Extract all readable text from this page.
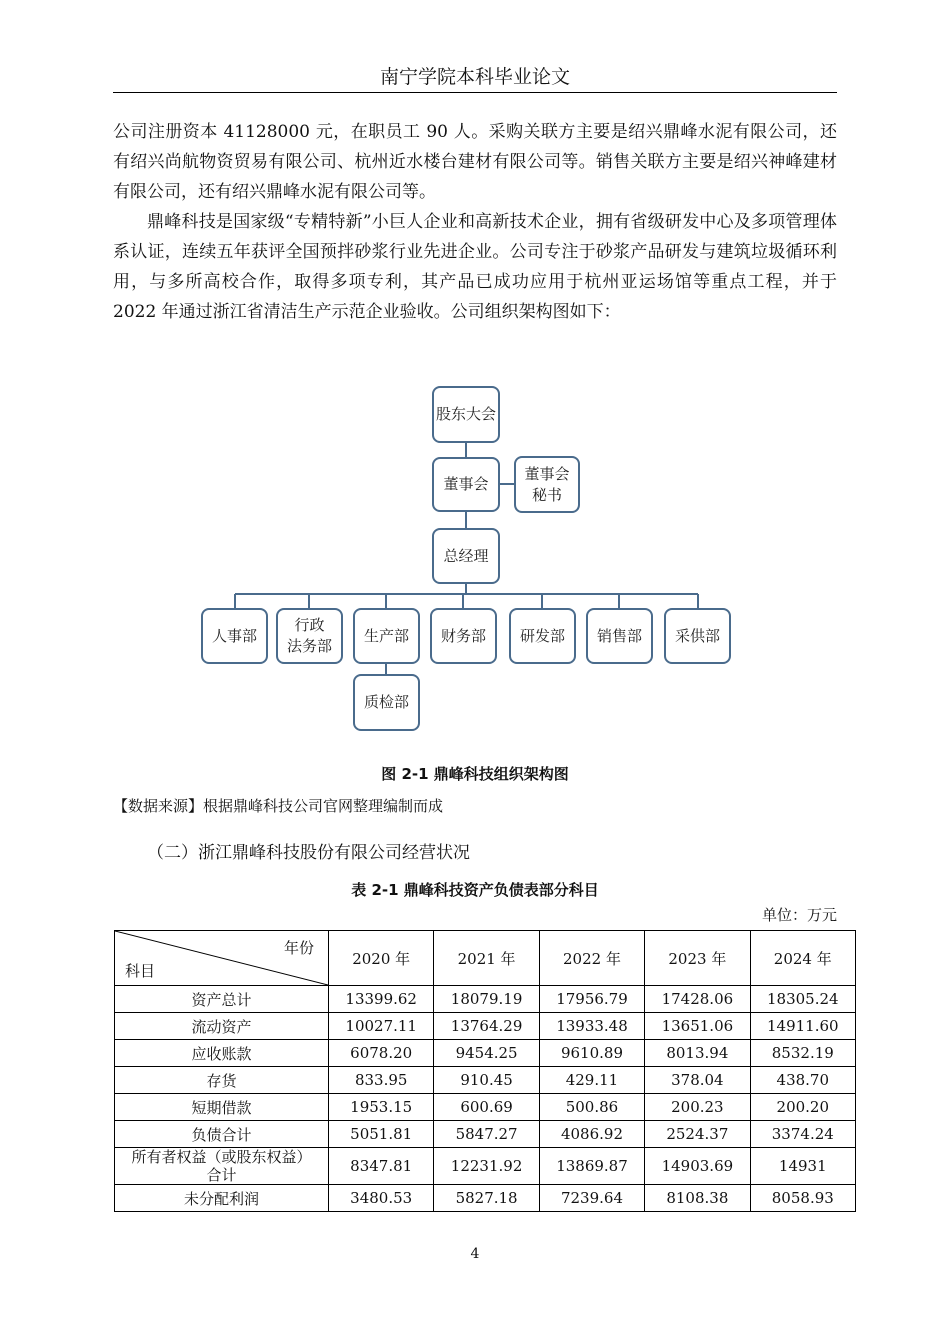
南宁学院本科毕业论文

公司注册资本 41128000 元，在职员工 90 人。采购关联方主要是绍兴鼎峰水泥有限公司，还有绍兴尚航物资贸易有限公司、杭州近水楼台建材有限公司等。销售关联方主要是绍兴神峰建材有限公司，还有绍兴鼎峰水泥有限公司等。

鼎峰科技是国家级“专精特新”小巨人企业和高新技术企业，拥有省级研发中心及多项管理体系认证，连续五年获评全国预拌砂浆行业先进企业。公司专注于砂浆产品研发与建筑垃圾循环利用，与多所高校合作，取得多项专利，其产品已成功应用于杭州亚运场馆等重点工程，并于 2022 年通过浙江省清洁生产示范企业验收。公司组织架构图如下：

股东大会
董事会
董事会
秘书
总经理
人事部
行政
法务部
生产部 财务部 研发部 销售部 采供部
质检部
图 2-1 鼎峰科技组织架构图
【数据来源】根据鼎峰科技公司官网整理编制而成
（二）浙江鼎峰科技股份有限公司经营状况
表 2-1 鼎峰科技资产负债表部分科目
单位：万元
年份
科目	2020 年	2021 年	2022 年	2023 年	2024 年
资产总计	13399.62	18079.19	17956.79	17428.06	18305.24
流动资产	10027.11	13764.29	13933.48	13651.06	14911.60
应收账款	6078.20	9454.25	9610.89	8013.94	8532.19
存货	833.95	910.45	429.11	378.04	438.70
短期借款	1953.15	600.69	500.86	200.23	200.20
负债合计	5051.81	5847.27	4086.92	2524.37	3374.24
所有者权益（或股东权益）合计	8347.81	12231.92	13869.87	14903.69	14931
未分配利润	3480.53	5827.18	7239.64	8108.38	8058.93
4
